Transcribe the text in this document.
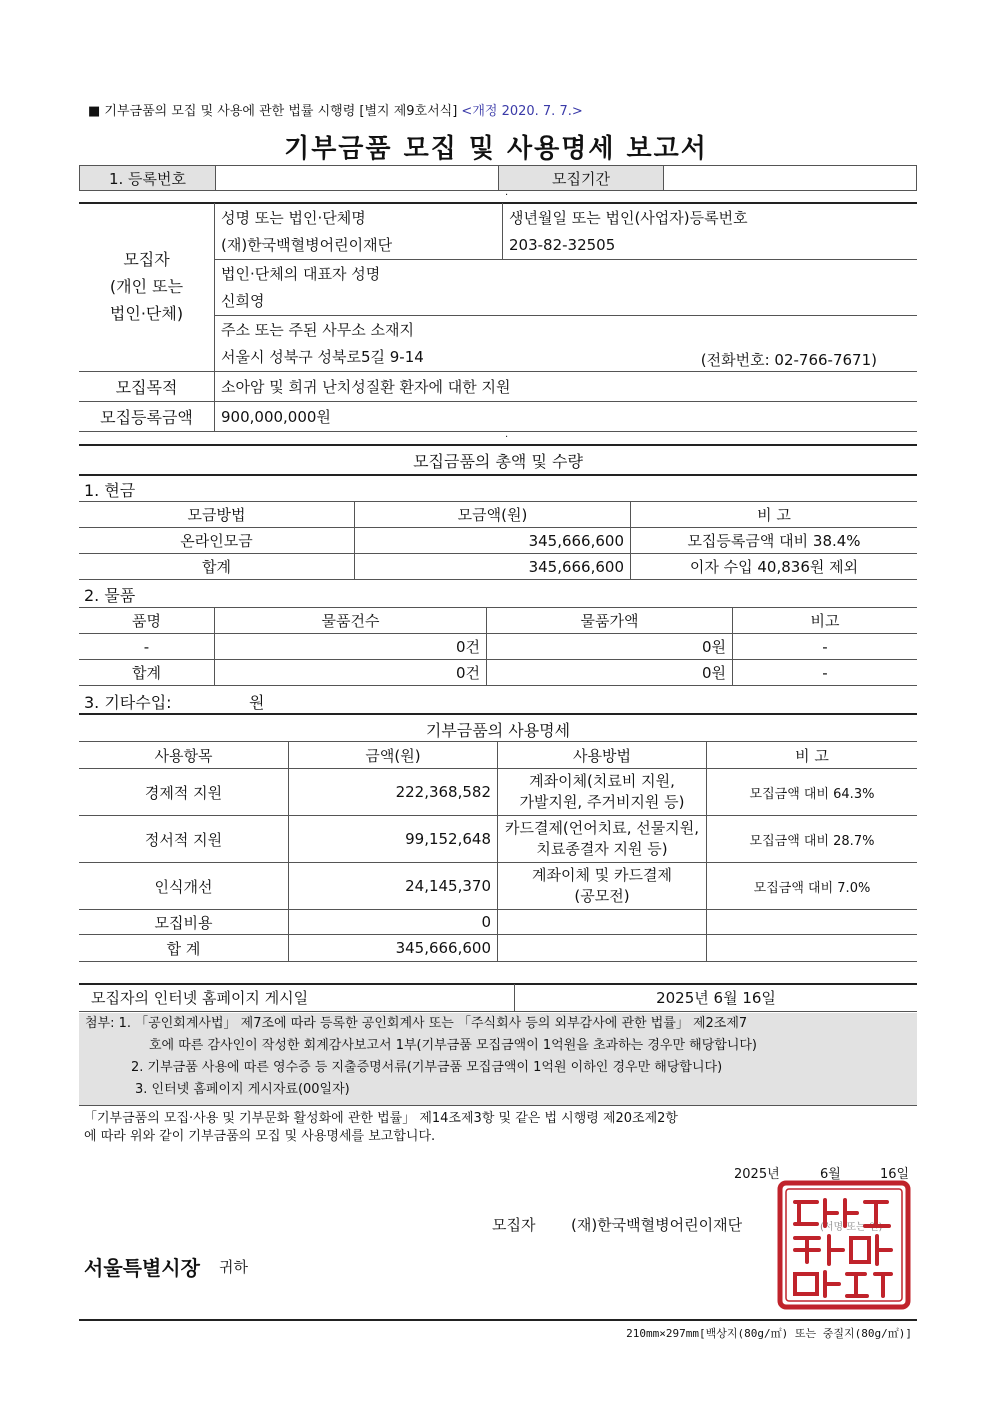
■ 기부금품의 모집 및 사용에 관한 법률 시행령 [별지 제9호서식] <개정 2020. 7. 7.>
기부금품 모집 및 사용명세 보고서
1. 등록번호		모집기간	
·
모집자
(개인 또는
법인·단체)	성명 또는 법인·단체명	생년월일 또는 법인(사업자)등록번호
	(재)한국백혈병어린이재단	203-82-32505
	법인·단체의 대표자 성명	
	신희영	
	주소 또는 주된 사무소 소재지	
	서울시 성북구 성북로5길 9-14 (전화번호: 02-766-7671)	

모집목적	소아암 및 희귀 난치성질환 환자에 대한 지원	
모집등록금액	900,000,000원	
·
모집금품의 총액 및 수량
1. 현금
모금방법	모금액(원)	비 고
온라인모금	345,666,600	모집등록금액 대비 38.4%
합계	345,666,600	이자 수입 40,836원 제외
2. 물품
품명	물품건수	물품가액	비고
-	0건	0원	-
합계	0건	0원	-
3. 기타수입:	원
기부금품의 사용명세
사용항목	금액(원)	사용방법	비 고
경제적 지원	222,368,582	계좌이체(치료비 지원,
가발지원, 주거비지원 등)	모집금액 대비 64.3%
정서적 지원	99,152,648	카드결제(언어치료, 선물지원,
치료종결자 지원 등)	모집금액 대비 28.7%
인식개선	24,145,370	계좌이체 및 카드결제
(공모전)	모집금액 대비 7.0%
모집비용	0		
합 계	345,666,600		
모집자의 인터넷 홈페이지 게시일	2025년 6월 16일
첨부: 1. 「공인회계사법」 제7조에 따라 등록한 공인회계사 또는 「주식회사 등의 외부감사에 관한 법률」 제2조제7
호에 따른 감사인이 작성한 회계감사보고서 1부(기부금품 모집금액이 1억원을 초과하는 경우만 해당합니다)
2. 기부금품 사용에 따른 영수증 등 지출증명서류(기부금품 모집금액이 1억원 이하인 경우만 해당합니다)
3. 인터넷 홈페이지 게시자료(00일자)
「기부금품의 모집·사용 및 기부문화 활성화에 관한 법률」 제14조제3항 및 같은 법 시행령 제20조제2항
에 따라 위와 같이 기부금품의 모집 및 사용명세를 보고합니다.
2025년	6월	16일
모집자 (재)한국백혈병어린이재단	(서명 또는 인)
서울특별시장 귀하
210mm×297mm[백상지(80g/㎡) 또는 중질지(80g/㎡)]
